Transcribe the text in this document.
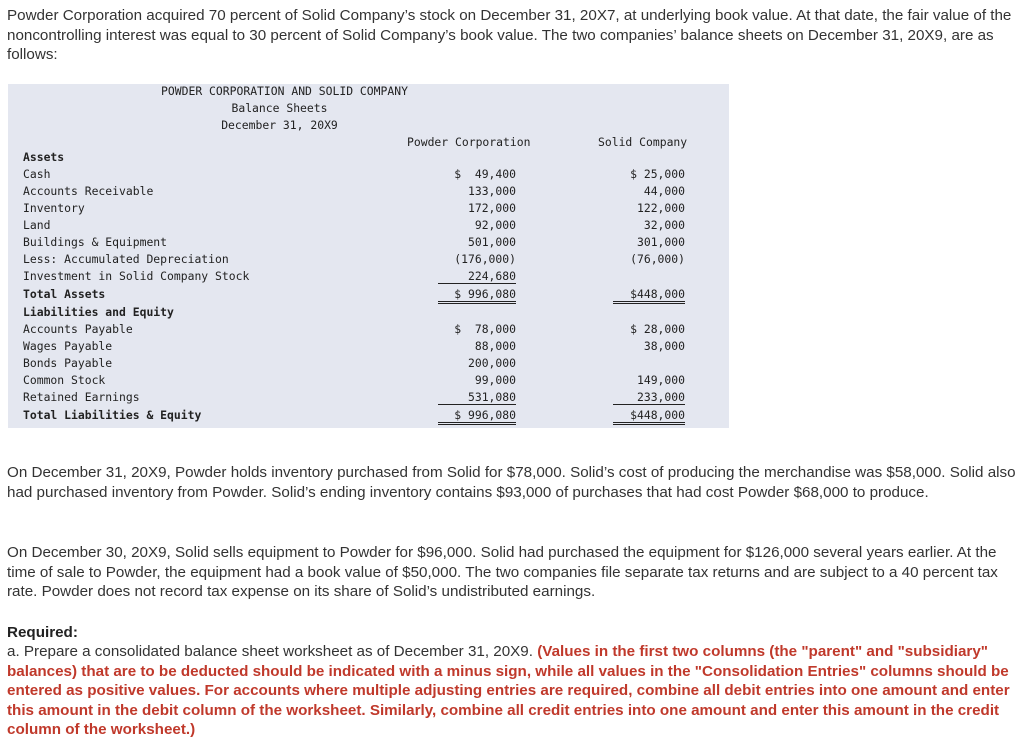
Powder Corporation acquired 70 percent of Solid Company’s stock on December 31, 20X7, at underlying book value. At that date, the fair value of the noncontrolling interest was equal to 30 percent of Solid Company’s book value. The two companies’ balance sheets on December 31, 20X9, are as follows:

POWDER CORPORATION AND SOLID COMPANY
Balance Sheets
December 31, 20X9
Powder Corporation	Solid Company
Assets
Cash	$  49,400	$ 25,000
Accounts Receivable	133,000	44,000
Inventory	172,000	122,000
Land	92,000	32,000
Buildings & Equipment	501,000	301,000
Less: Accumulated Depreciation	(176,000)	(76,000)
Investment in Solid Company Stock	224,680
Total Assets	$ 996,080	$448,000
Liabilities and Equity
Accounts Payable	$  78,000	$ 28,000
Wages Payable	88,000	38,000
Bonds Payable	200,000
Common Stock	99,000	149,000
Retained Earnings	531,080	233,000
Total Liabilities & Equity	$ 996,080	$448,000

On December 31, 20X9, Powder holds inventory purchased from Solid for $78,000. Solid’s cost of producing the merchandise was $58,000. Solid also had purchased inventory from Powder. Solid’s ending inventory contains $93,000 of purchases that had cost Powder $68,000 to produce.

On December 30, 20X9, Solid sells equipment to Powder for $96,000. Solid had purchased the equipment for $126,000 several years earlier. At the time of sale to Powder, the equipment had a book value of $50,000. The two companies file separate tax returns and are subject to a 40 percent tax rate. Powder does not record tax expense on its share of Solid’s undistributed earnings.

Required:

a. Prepare a consolidated balance sheet worksheet as of December 31, 20X9. (Values in the first two columns (the "parent" and "subsidiary" balances) that are to be deducted should be indicated with a minus sign, while all values in the "Consolidation Entries" columns should be entered as positive values. For accounts where multiple adjusting entries are required, combine all debit entries into one amount and enter this amount in the debit column of the worksheet. Similarly, combine all credit entries into one amount and enter this amount in the credit column of the worksheet.)
